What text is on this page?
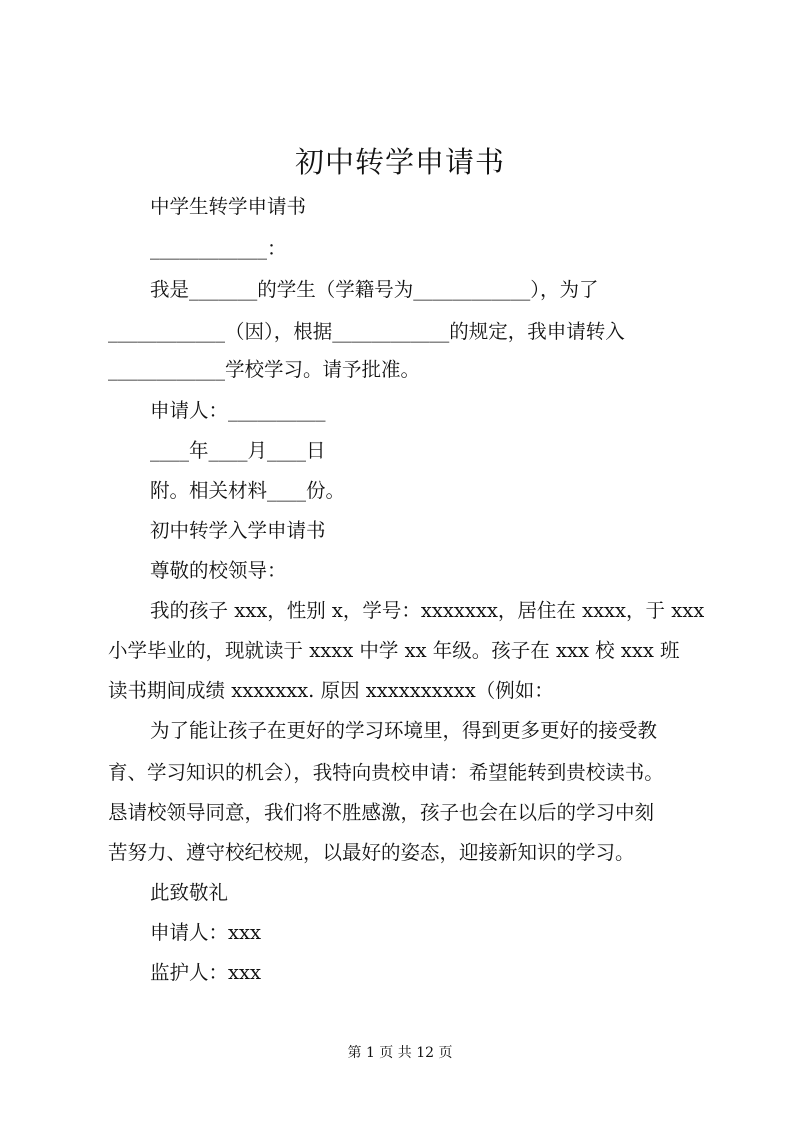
初中转学申请书
中学生转学申请书
____________：
我是_______的学生（学籍号为____________），为了
____________（因），根据____________的规定，我申请转入
____________学校学习。请予批准。
申请人：__________
____年____月____日
附。相关材料____份。
初中转学入学申请书
尊敬的校领导：
我的孩子 xxx，性别 x，学号：xxxxxxx，居住在 xxxx，于 xxx
小学毕业的，现就读于 xxxx 中学 xx 年级。孩子在 xxx 校 xxx 班
读书期间成绩 xxxxxxx. 原因 xxxxxxxxxx（例如：
为了能让孩子在更好的学习环境里，得到更多更好的接受教
育、学习知识的机会），我特向贵校申请：希望能转到贵校读书。
恳请校领导同意，我们将不胜感激，孩子也会在以后的学习中刻
苦努力、遵守校纪校规，以最好的姿态，迎接新知识的学习。
此致敬礼
申请人：xxx
监护人：xxx
第 1 页 共 12 页
